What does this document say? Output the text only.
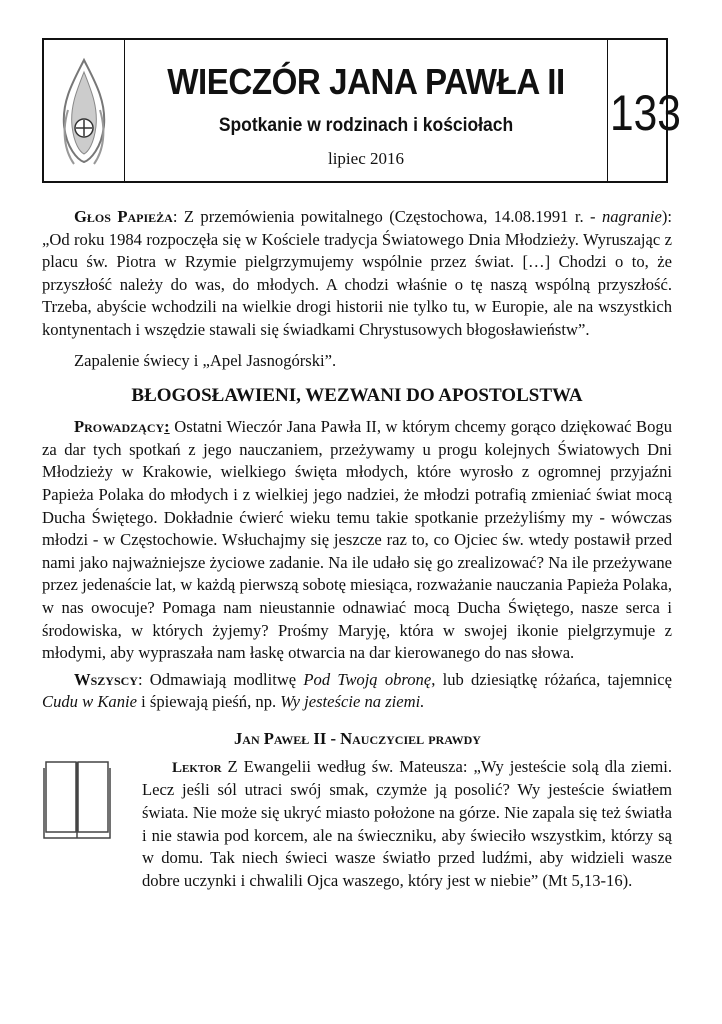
WIECZÓR JANA PAWŁA II
Spotkanie w rodzinach i kościołach
lipiec 2016
133

Głos Papieża: Z przemówienia powitalnego (Częstochowa, 14.08.1991 r. - nagranie): „Od roku 1984 rozpoczęła się w Kościele tradycja Światowego Dnia Młodzieży. Wyruszając z placu św. Piotra w Rzymie pielgrzymujemy wspólnie przez świat. […] Chodzi o to, że przyszłość należy do was, do młodych. A chodzi właśnie o tę naszą wspólną przyszłość. Trzeba, abyście wchodzili na wielkie drogi historii nie tylko tu, w Europie, ale na wszystkich kontynentach i wszędzie stawali się świadkami Chrystusowych błogosławieństw”.

Zapalenie świecy i „Apel Jasnogórski”.

BŁOGOSŁAWIENI, WEZWANI DO APOSTOLSTWA

Prowadzący: Ostatni Wieczór Jana Pawła II, w którym chcemy gorąco dziękować Bogu za dar tych spotkań z jego nauczaniem, przeżywamy u progu kolejnych Światowych Dni Młodzieży w Krakowie, wielkiego święta młodych, które wyrosło z ogromnej przyjaźni Papieża Polaka do młodych i z wielkiej jego nadziei, że młodzi potrafią zmieniać świat mocą Ducha Świętego. Dokładnie ćwierć wieku temu takie spotkanie przeżyliśmy my - wówczas młodzi - w Częstochowie. Wsłuchajmy się jeszcze raz to, co Ojciec św. wtedy postawił przed nami jako najważniejsze życiowe zadanie. Na ile udało się go zrealizować? Na ile przeżywane przez jedenaście lat, w każdą pierwszą sobotę miesiąca, rozważanie nauczania Papieża Polaka, w nas owocuje? Pomaga nam nieustannie odnawiać mocą Ducha Świętego, nasze serca i środowiska, w których żyjemy? Prośmy Maryję, która w swojej ikonie pielgrzymuje z młodymi, aby wypraszała nam łaskę otwarcia na dar kierowanego do nas słowa.

Wszyscy: Odmawiają modlitwę Pod Twoją obronę, lub dziesiątkę różańca, tajemnicę Cudu w Kanie i śpiewają pieśń, np. Wy jesteście na ziemi.

Jan Paweł II - Nauczyciel prawdy

Lektor Z Ewangelii według św. Mateusza: „Wy jesteście solą dla ziemi. Lecz jeśli sól utraci swój smak, czymże ją posolić? Wy jesteście światłem świata. Nie może się ukryć miasto położone na górze. Nie zapala się też światła i nie stawia pod korcem, ale na świeczniku, aby świeciło wszystkim, którzy są w domu. Tak niech świeci wasze światło przed ludźmi, aby widzieli wasze dobre uczynki i chwalili Ojca waszego, który jest w niebie” (Mt 5,13-16).
